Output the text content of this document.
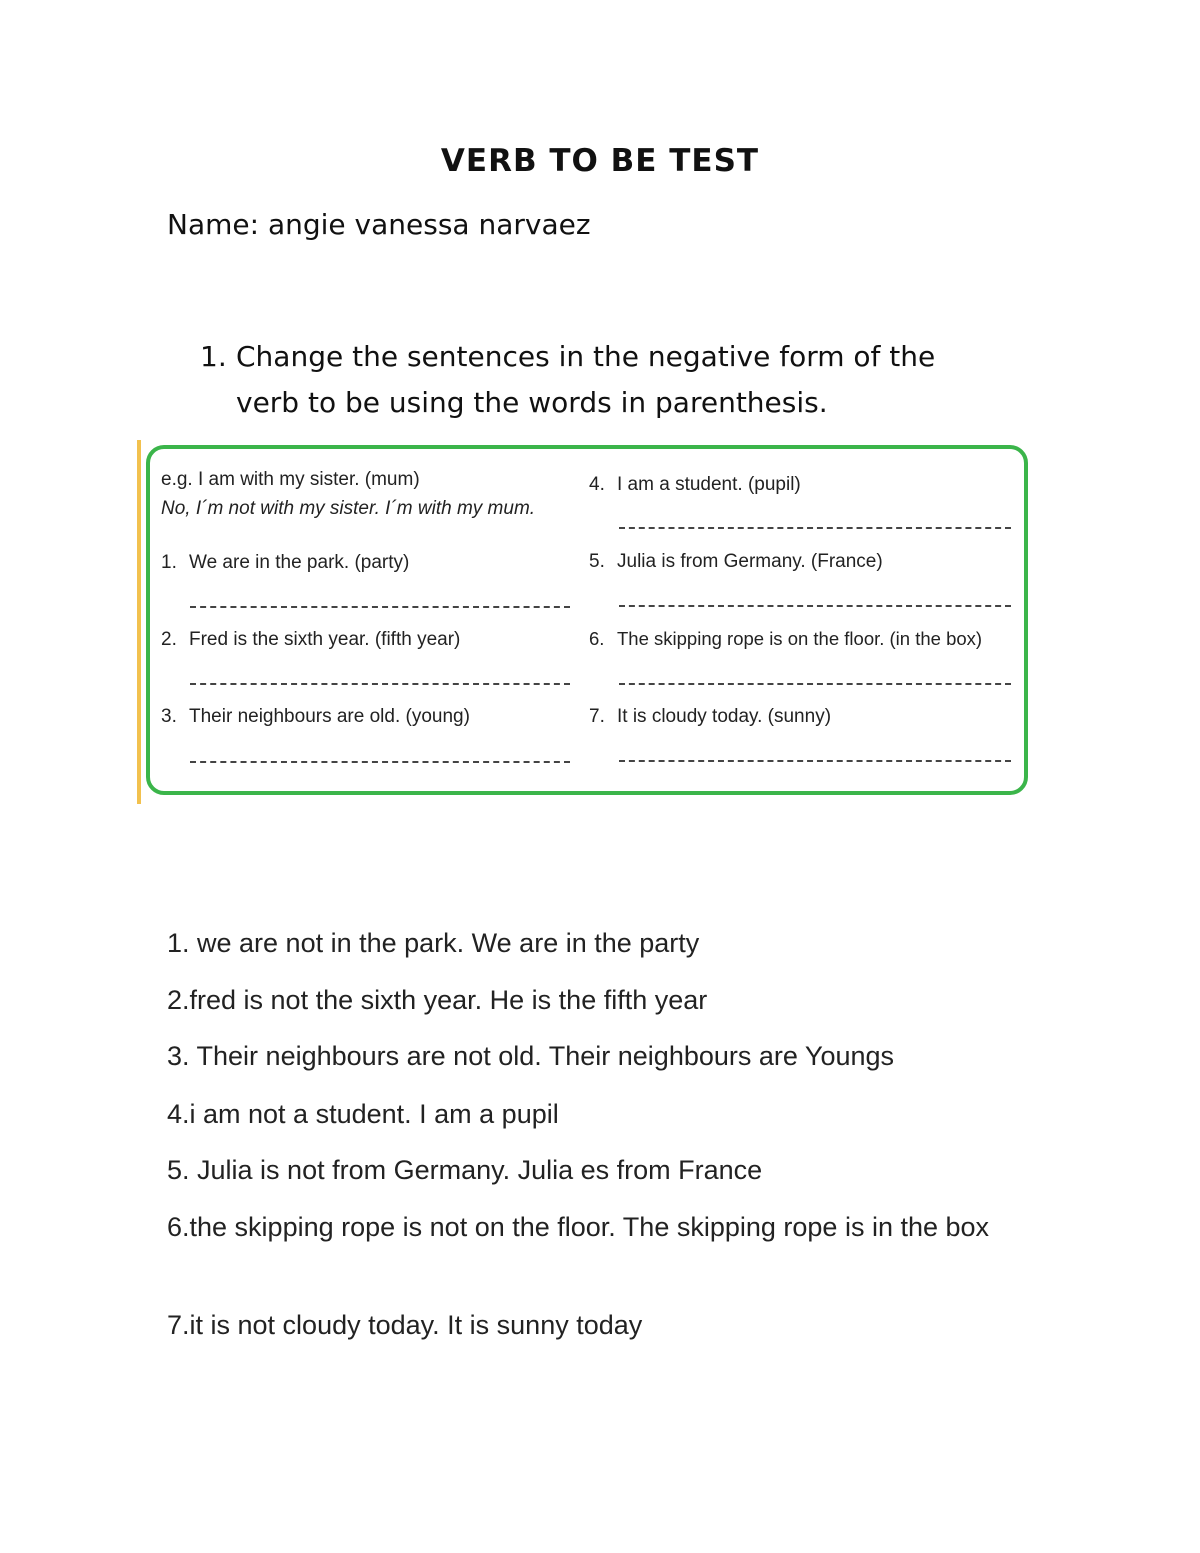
VERB TO BE TEST
Name: angie vanessa narvaez
1. Change the sentences in the negative form of the verb to be using the words in parenthesis.
e.g. I am with my sister. (mum)
No, I´m not with my sister. I´m with my mum.
1. We are in the park. (party)
2. Fred is the sixth year. (fifth year)
3. Their neighbours are old. (young)
4. I am a student. (pupil)
5. Julia is from Germany. (France)
6. The skipping rope is on the floor. (in the box)
7. It is cloudy today. (sunny)
1. we are not in the park. We are in the party
2.fred is not the sixth year. He is the fifth year
3. Their neighbours are not old. Their neighbours are Youngs
4.i am not a student. I am a pupil
5. Julia is not from Germany. Julia es from France
6.the skipping rope is not on the floor. The skipping rope is in the box
7.it is not cloudy today. It is sunny today
